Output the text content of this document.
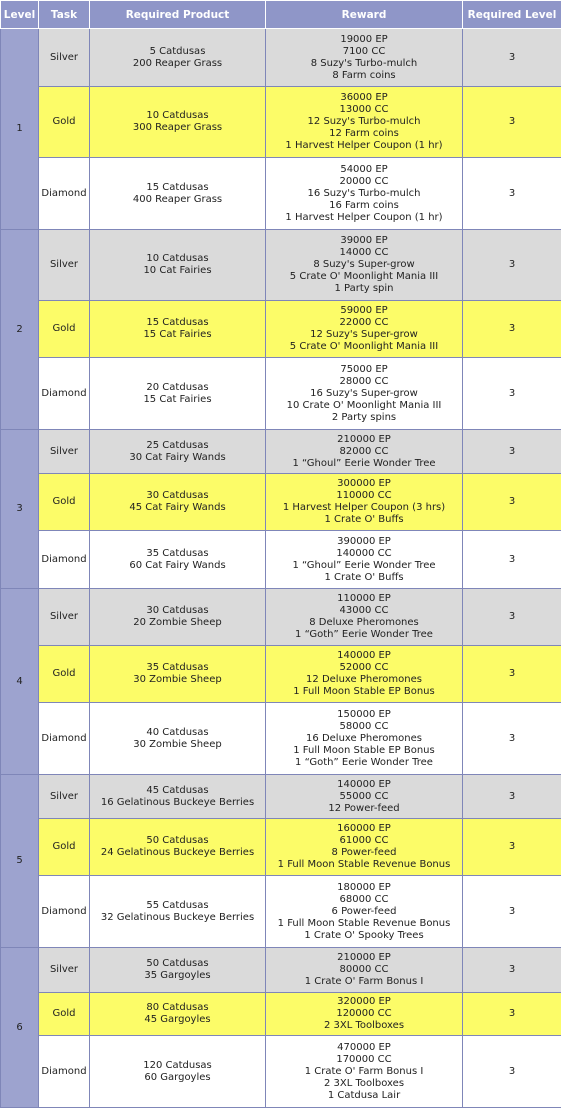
Level	Task	Required Product	Reward	Required Level
1	Silver	5 Catdusas
200 Reaper Grass	19000 EP
7100 CC
8 Suzy's Turbo-mulch
8 Farm coins	3
	Gold	10 Catdusas
300 Reaper Grass	36000 EP
13000 CC
12 Suzy's Turbo-mulch
12 Farm coins
1 Harvest Helper Coupon (1 hr)	3
	Diamond	15 Catdusas
400 Reaper Grass	54000 EP
20000 CC
16 Suzy's Turbo-mulch
16 Farm coins
1 Harvest Helper Coupon (1 hr)	3
2	Silver	10 Catdusas
10 Cat Fairies	39000 EP
14000 CC
8 Suzy's Super-grow
5 Crate O' Moonlight Mania III
1 Party spin	3
	Gold	15 Catdusas
15 Cat Fairies	59000 EP
22000 CC
12 Suzy's Super-grow
5 Crate O' Moonlight Mania III	3
	Diamond	20 Catdusas
15 Cat Fairies	75000 EP
28000 CC
16 Suzy's Super-grow
10 Crate O' Moonlight Mania III
2 Party spins	3
3	Silver	25 Catdusas
30 Cat Fairy Wands	210000 EP
82000 CC
1 “Ghoul” Eerie Wonder Tree	3
	Gold	30 Catdusas
45 Cat Fairy Wands	300000 EP
110000 CC
1 Harvest Helper Coupon (3 hrs)
1 Crate O' Buffs	3
	Diamond	35 Catdusas
60 Cat Fairy Wands	390000 EP
140000 CC
1 “Ghoul” Eerie Wonder Tree
1 Crate O' Buffs	3
4	Silver	30 Catdusas
20 Zombie Sheep	110000 EP
43000 CC
8 Deluxe Pheromones
1 “Goth” Eerie Wonder Tree	3
	Gold	35 Catdusas
30 Zombie Sheep	140000 EP
52000 CC
12 Deluxe Pheromones
1 Full Moon Stable EP Bonus	3
	Diamond	40 Catdusas
30 Zombie Sheep	150000 EP
58000 CC
16 Deluxe Pheromones
1 Full Moon Stable EP Bonus
1 “Goth” Eerie Wonder Tree	3
5	Silver	45 Catdusas
16 Gelatinous Buckeye Berries	140000 EP
55000 CC
12 Power-feed	3
	Gold	50 Catdusas
24 Gelatinous Buckeye Berries	160000 EP
61000 CC
8 Power-feed
1 Full Moon Stable Revenue Bonus	3
	Diamond	55 Catdusas
32 Gelatinous Buckeye Berries	180000 EP
68000 CC
6 Power-feed
1 Full Moon Stable Revenue Bonus
1 Crate O' Spooky Trees	3
6	Silver	50 Catdusas
35 Gargoyles	210000 EP
80000 CC
1 Crate O' Farm Bonus I	3
	Gold	80 Catdusas
45 Gargoyles	320000 EP
120000 CC
2 3XL Toolboxes	3
	Diamond	120 Catdusas
60 Gargoyles	470000 EP
170000 CC
1 Crate O' Farm Bonus I
2 3XL Toolboxes
1 Catdusa Lair	3
